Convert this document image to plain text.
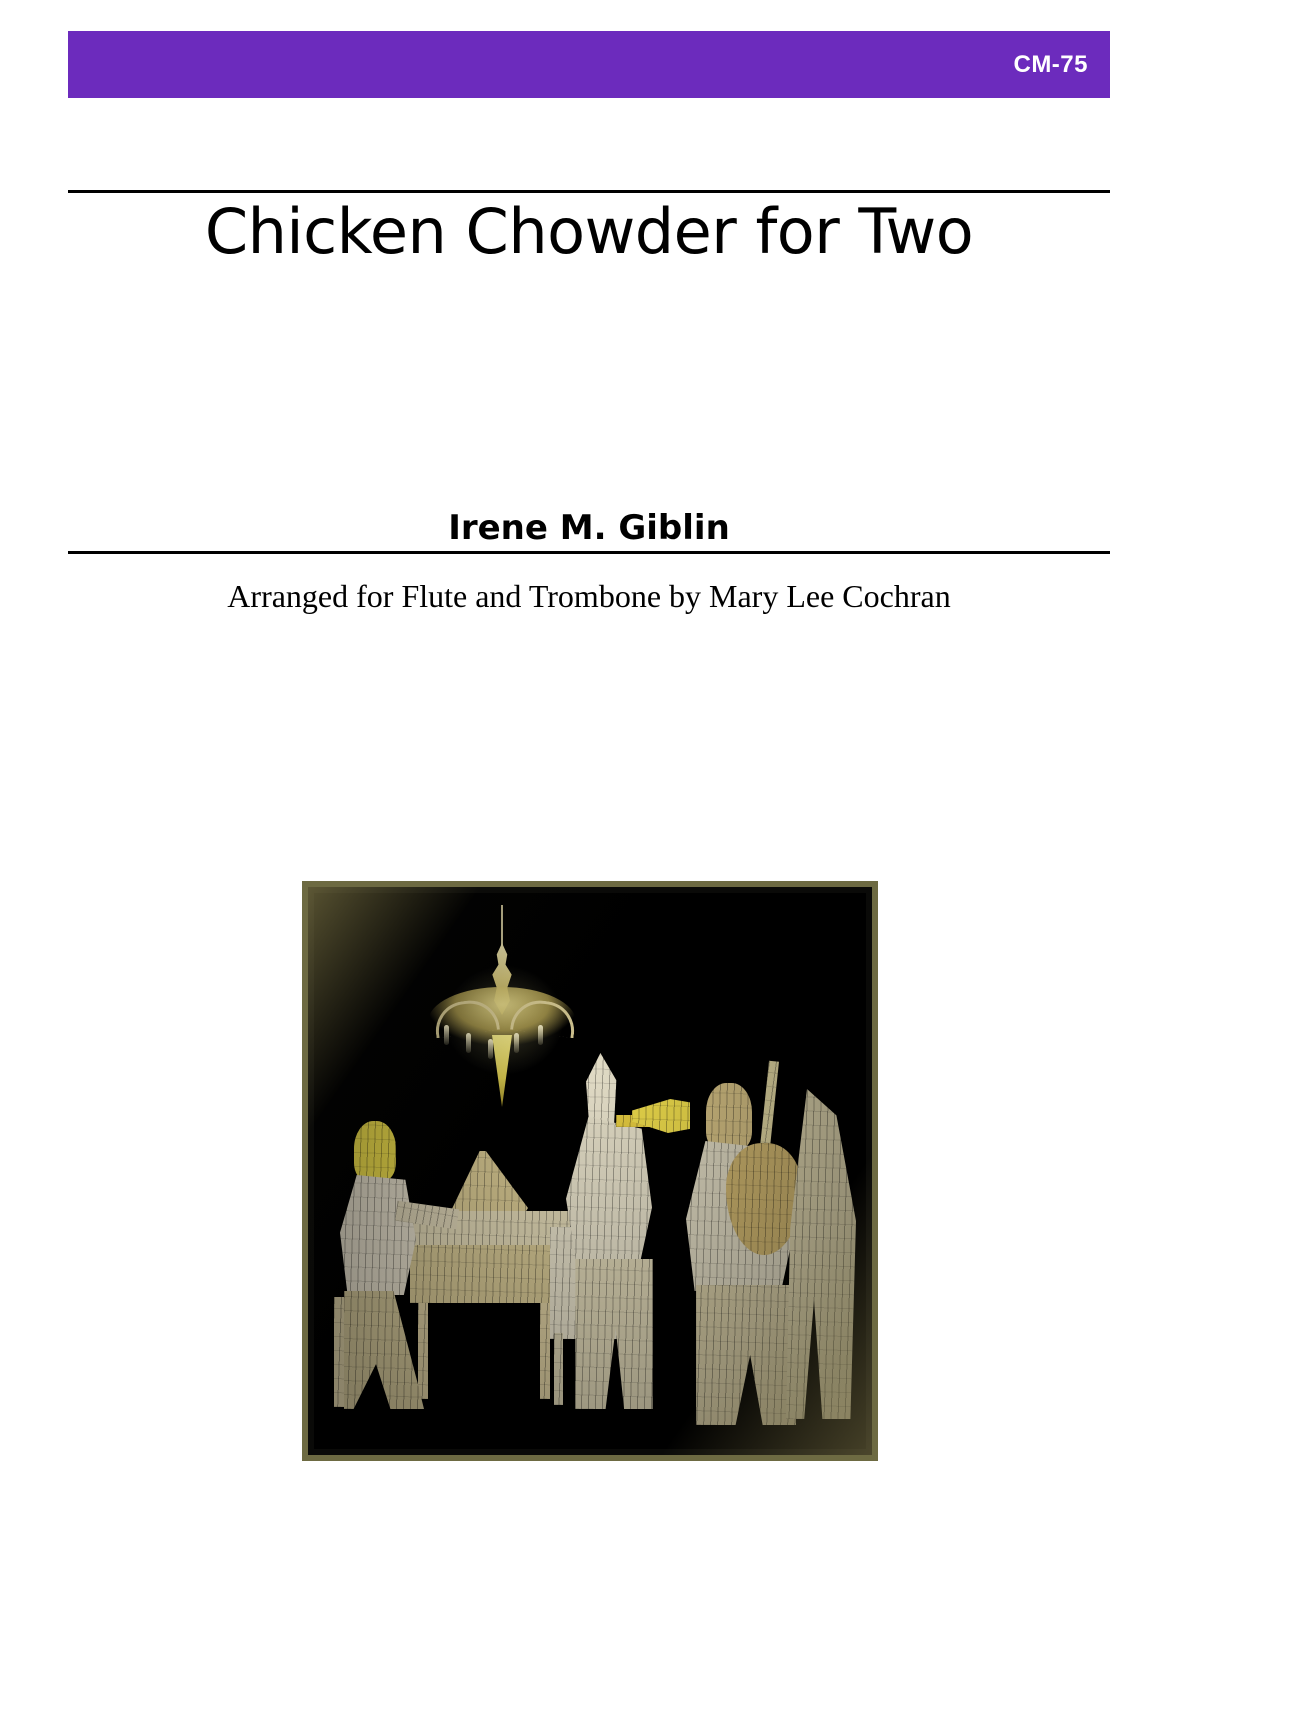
CM-75
Chicken Chowder for Two
Irene M. Giblin
Arranged for Flute and Trombone by Mary Lee Cochran
